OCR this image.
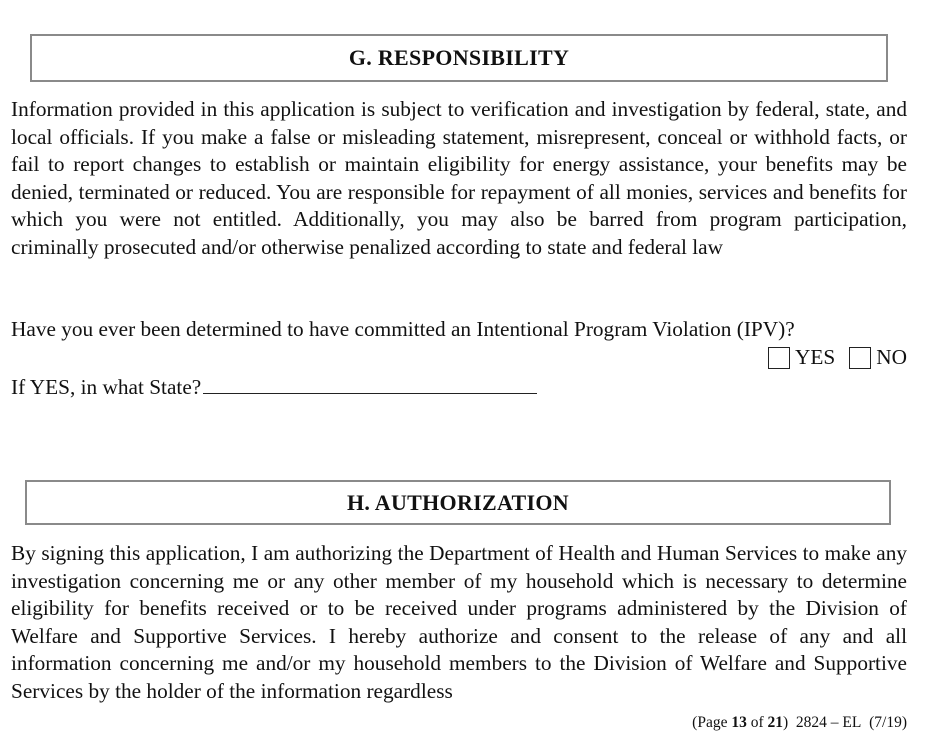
G. RESPONSIBILITY

Information provided in this application is subject to verification and investigation by federal, state, and local officials. If you make a false or misleading statement, misrepresent, conceal or withhold facts, or fail to report changes to establish or maintain eligibility for energy assistance, your benefits may be denied, terminated or reduced. You are responsible for repayment of all monies, services and benefits for which you were not entitled. Additionally, you may also be barred from program participation, criminally prosecuted and/or otherwise penalized according to state and federal law

Have you ever been determined to have committed an Intentional Program Violation (IPV)?
YES NO
If YES, in what State?
H. AUTHORIZATION

By signing this application, I am authorizing the Department of Health and Human Services to make any investigation concerning me or any other member of my household which is necessary to determine eligibility for benefits received or to be received under programs administered by the Division of Welfare and Supportive Services. I hereby authorize and consent to the release of any and all information concerning me and/or my household members to the Division of Welfare and Supportive Services by the holder of the information regardless

(Page 13 of 21) 2824 – EL (7/19)
